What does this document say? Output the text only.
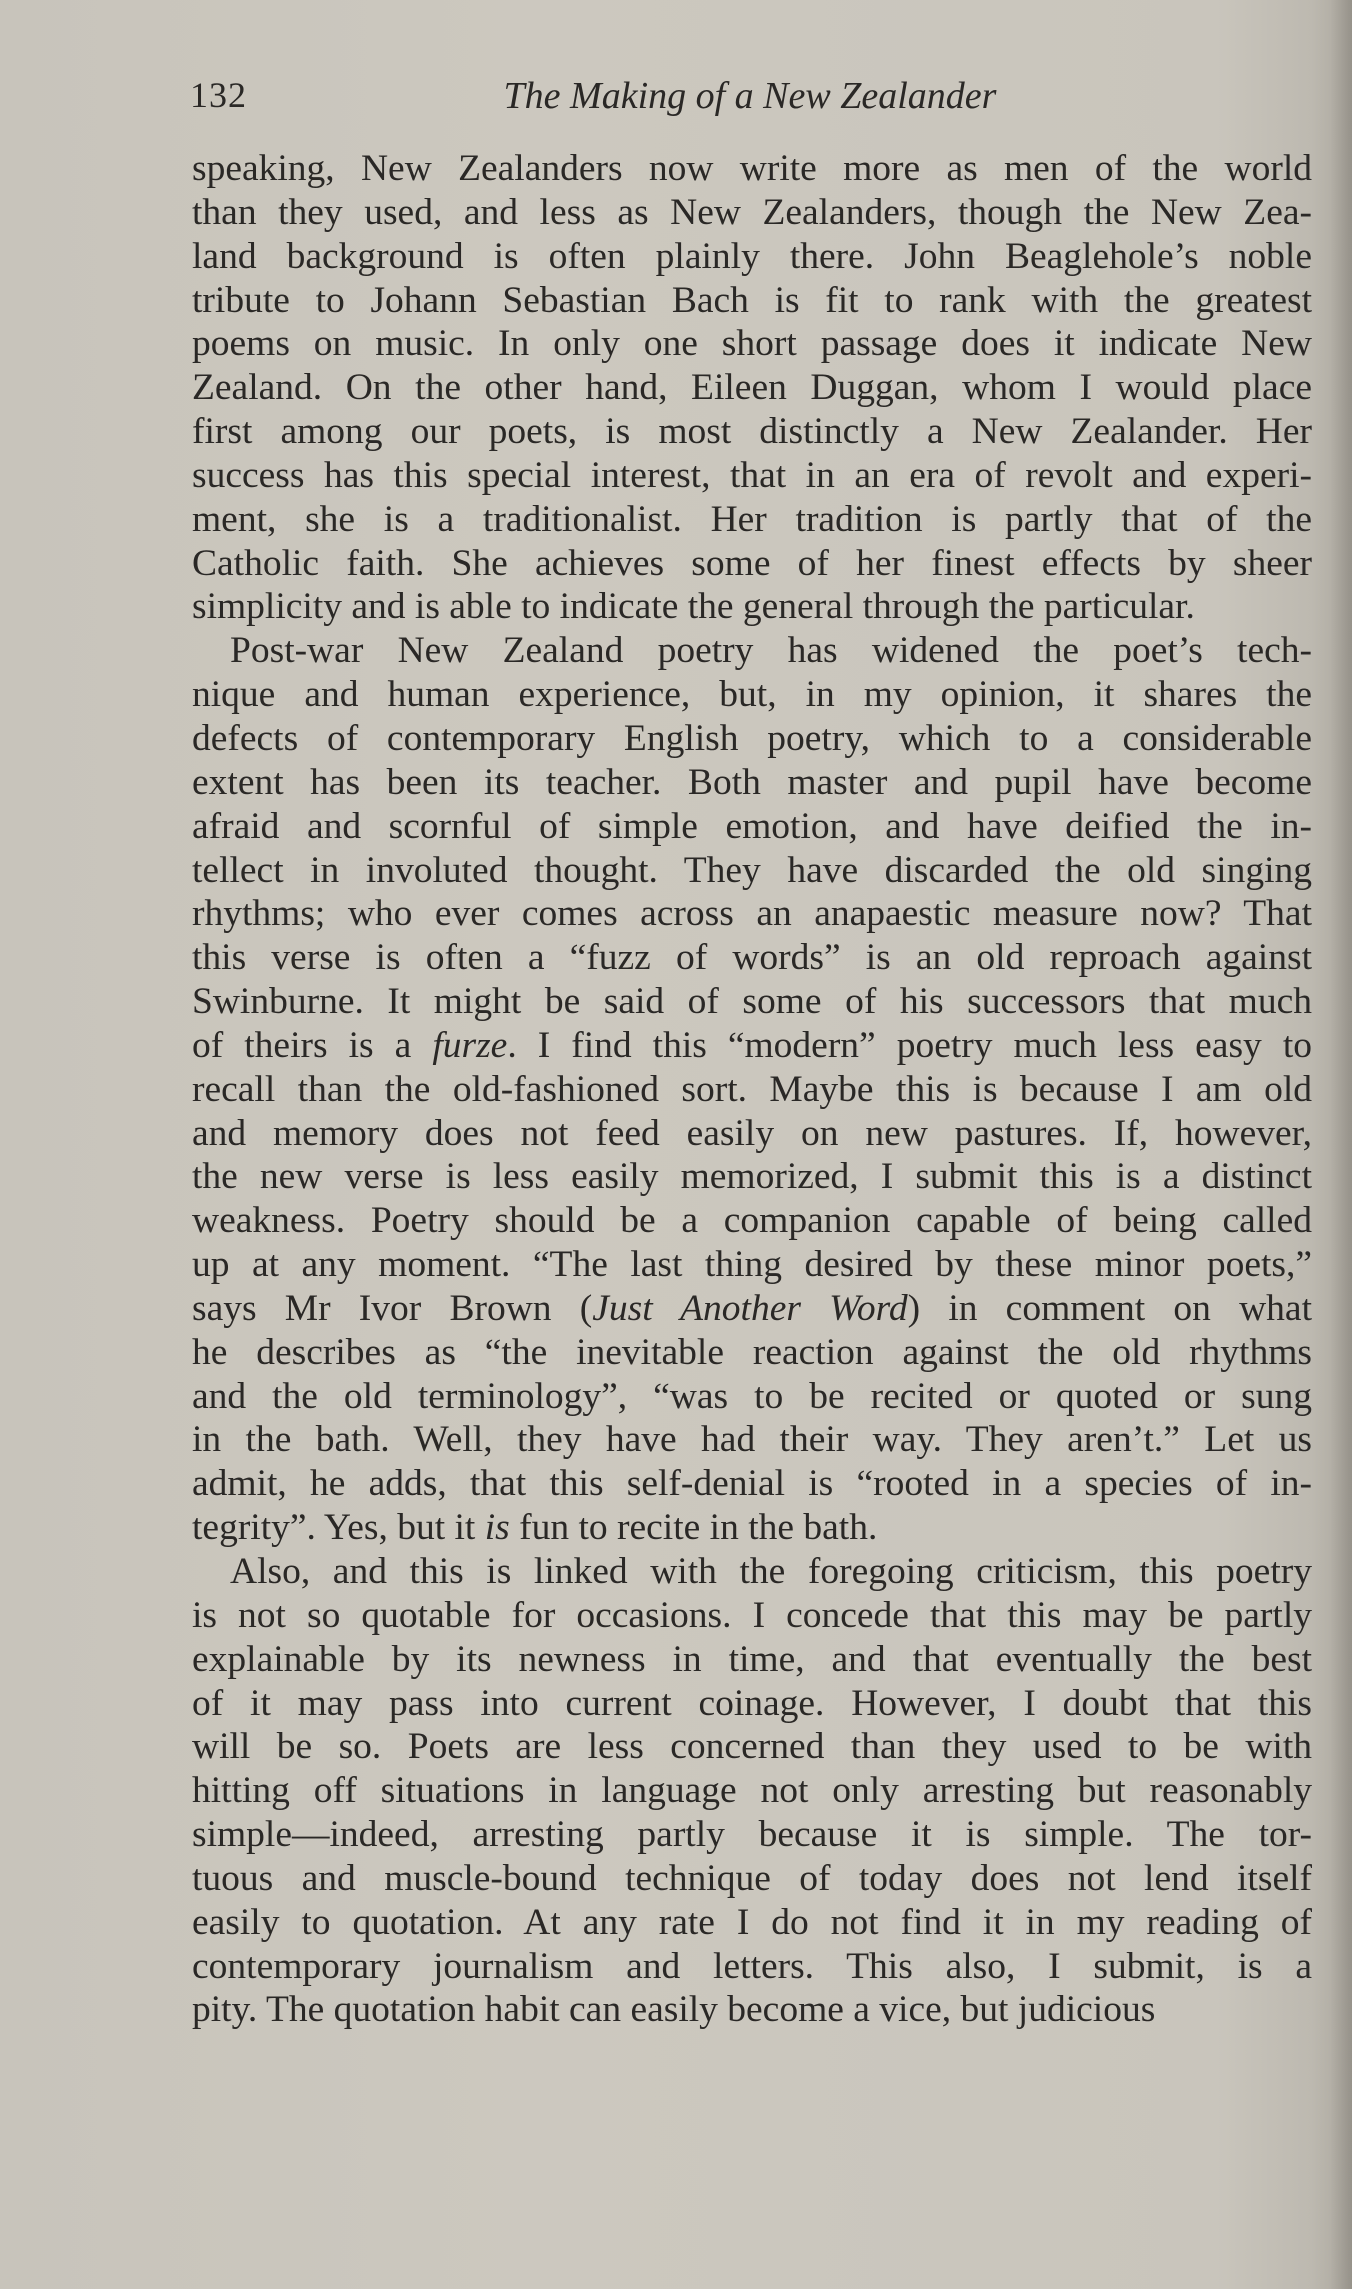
The Making of a New Zealander
132
speaking, New Zealanders now write more as men of the world
than they used, and less as New Zealanders, though the New Zea-
land background is often plainly there. John Beaglehole’s noble
tribute to Johann Sebastian Bach is fit to rank with the greatest
poems on music. In only one short passage does it indicate New
Zealand. On the other hand, Eileen Duggan, whom I would place
first among our poets, is most distinctly a New Zealander. Her
success has this special interest, that in an era of revolt and experi-
ment, she is a traditionalist. Her tradition is partly that of the
Catholic faith. She achieves some of her finest effects by sheer
simplicity and is able to indicate the general through the particular.
Post-war New Zealand poetry has widened the poet’s tech-
nique and human experience, but, in my opinion, it shares the
defects of contemporary English poetry, which to a considerable
extent has been its teacher. Both master and pupil have become
afraid and scornful of simple emotion, and have deified the in-
tellect in involuted thought. They have discarded the old singing
rhythms; who ever comes across an anapaestic measure now? That
this verse is often a “fuzz of words” is an old reproach against
Swinburne. It might be said of some of his successors that much
of theirs is a furze. I find this “modern” poetry much less easy to
recall than the old-fashioned sort. Maybe this is because I am old
and memory does not feed easily on new pastures. If, however,
the new verse is less easily memorized, I submit this is a distinct
weakness. Poetry should be a companion capable of being called
up at any moment. “The last thing desired by these minor poets,”
says Mr Ivor Brown (Just Another Word) in comment on what
he describes as “the inevitable reaction against the old rhythms
and the old terminology”, “was to be recited or quoted or sung
in the bath. Well, they have had their way. They aren’t.” Let us
admit, he adds, that this self-denial is “rooted in a species of in-
tegrity”. Yes, but it is fun to recite in the bath.
Also, and this is linked with the foregoing criticism, this poetry
is not so quotable for occasions. I concede that this may be partly
explainable by its newness in time, and that eventually the best
of it may pass into current coinage. However, I doubt that this
will be so. Poets are less concerned than they used to be with
hitting off situations in language not only arresting but reasonably
simple—indeed, arresting partly because it is simple. The tor-
tuous and muscle-bound technique of today does not lend itself
easily to quotation. At any rate I do not find it in my reading of
contemporary journalism and letters. This also, I submit, is a
pity. The quotation habit can easily become a vice, but judicious
